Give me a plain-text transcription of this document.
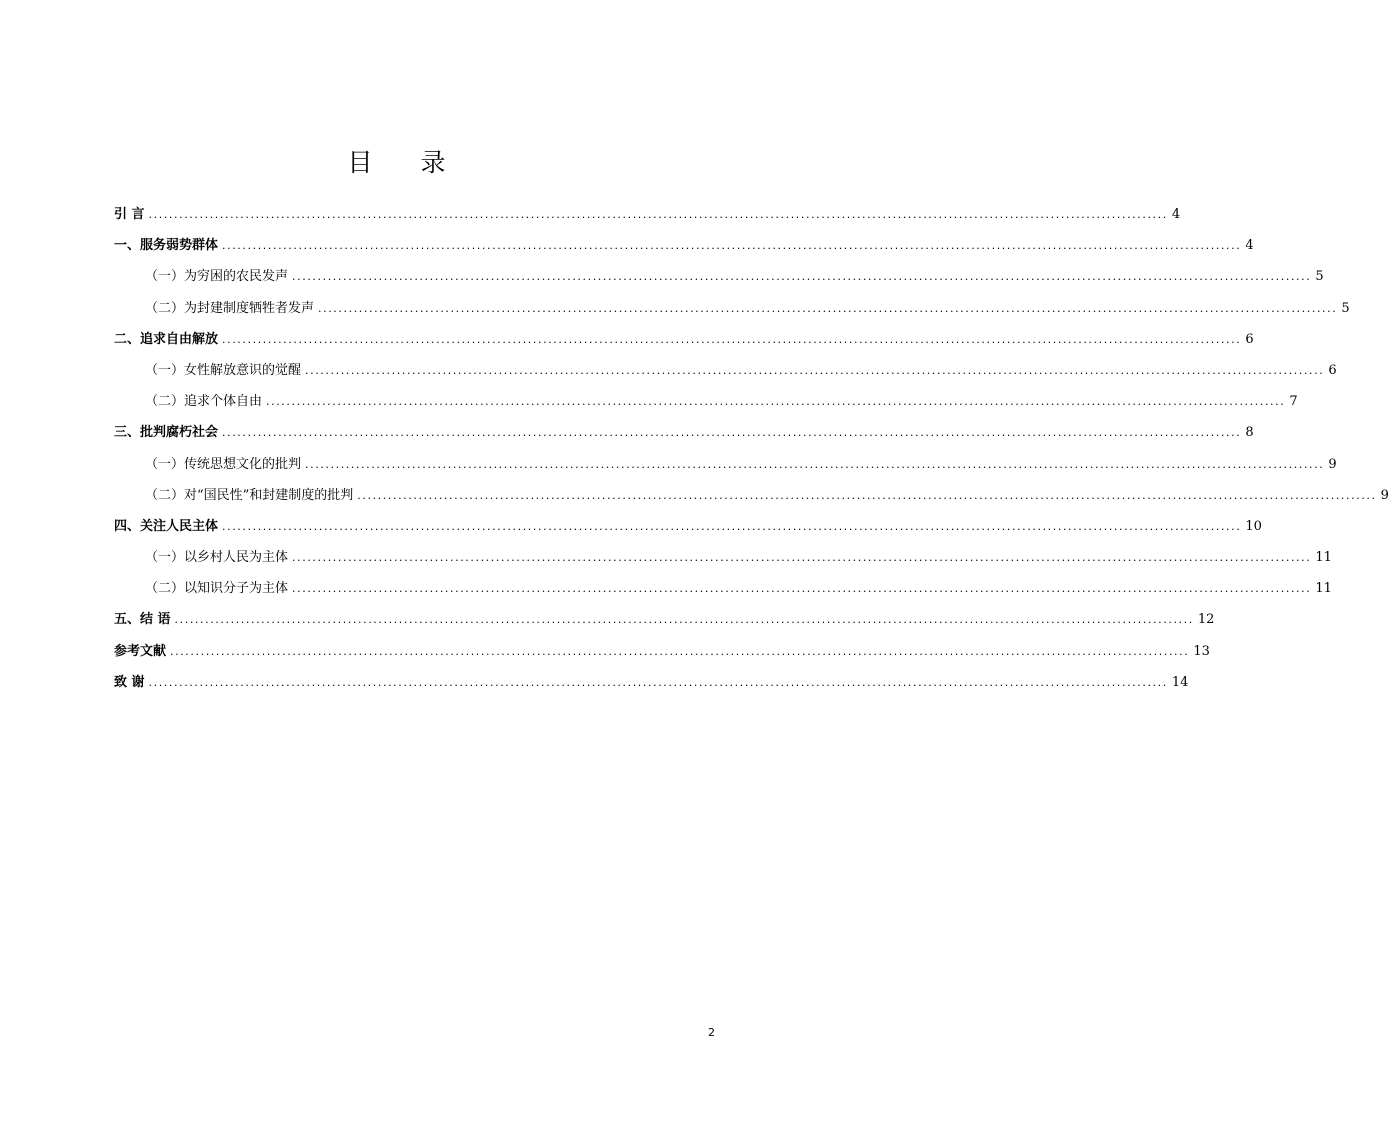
目 录
引 言 ........................................................................................................................................................................................................ 4
一、服务弱势群体 ........................................................................................................................................................................................................ 4
（一）为穷困的农民发声 ........................................................................................................................................................................................................ 5
（二）为封建制度牺牲者发声 ........................................................................................................................................................................................................ 5
二、追求自由解放 ........................................................................................................................................................................................................ 6
（一）女性解放意识的觉醒 ........................................................................................................................................................................................................ 6
（二）追求个体自由 ........................................................................................................................................................................................................ 7
三、批判腐朽社会 ........................................................................................................................................................................................................ 8
（一）传统思想文化的批判 ........................................................................................................................................................................................................ 9
（二）对“国民性”和封建制度的批判 ........................................................................................................................................................................................................ 9
四、关注人民主体 ........................................................................................................................................................................................................ 10
（一）以乡村人民为主体 ........................................................................................................................................................................................................ 11
（二）以知识分子为主体 ........................................................................................................................................................................................................ 11
五、结 语 ........................................................................................................................................................................................................ 12
参考文献 ........................................................................................................................................................................................................ 13
致 谢 ........................................................................................................................................................................................................ 14
2
